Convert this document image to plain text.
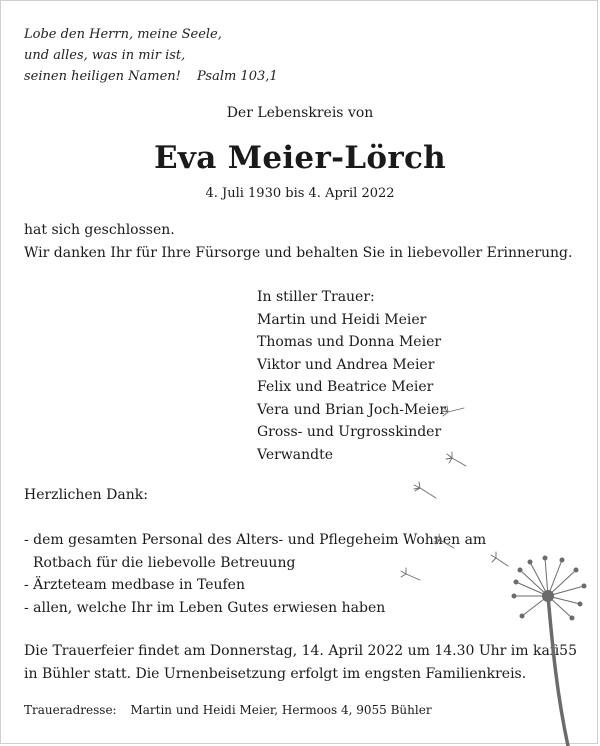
Lobe den Herrn, meine Seele,
und alles, was in mir ist,
seinen heiligen Namen!	Psalm 103,1
Der Lebenskreis von
Eva Meier-Lörch
4. Juli 1930 bis 4. April 2022
hat sich geschlossen.
Wir danken Ihr für Ihre Fürsorge und behalten Sie in liebevoller Erinnerung.
In stiller Trauer:
Martin und Heidi Meier
Thomas und Donna Meier
Viktor und Andrea Meier
Felix und Beatrice Meier
Vera und Brian Joch-Meier
Gross- und Urgrosskinder
Verwandte
Herzlichen Dank:
- dem gesamten Personal des Alters- und Pflegeheim Wohnen am
Rotbach für die liebevolle Betreuung
- Ärzteteam medbase in Teufen
- allen, welche Ihr im Leben Gutes erwiesen haben
Die Trauerfeier findet am Donnerstag, 14. April 2022 um 14.30 Uhr im kafi55 in Bühler statt. Die Urnenbeisetzung erfolgt im engsten Familienkreis.
Traueradresse: Martin und Heidi Meier, Hermoos 4, 9055 Bühler
